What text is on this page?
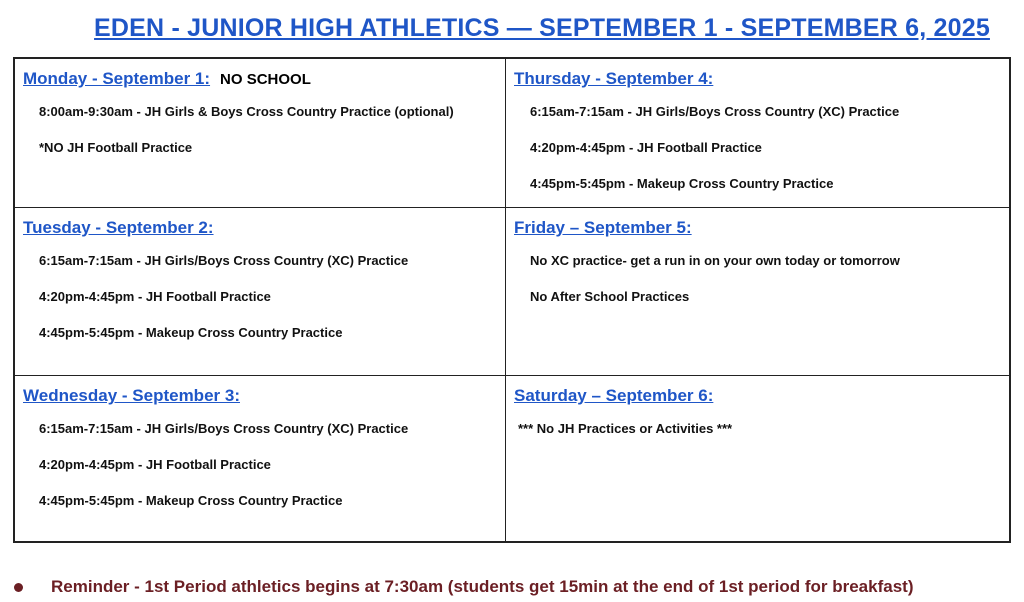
EDEN - JUNIOR HIGH ATHLETICS — SEPTEMBER 1 - SEPTEMBER 6, 2025
Monday - September 1: NO SCHOOL
8:00am-9:30am - JH Girls & Boys Cross Country Practice (optional)
*NO JH Football Practice
Thursday - September 4:
6:15am-7:15am - JH Girls/Boys Cross Country (XC) Practice
4:20pm-4:45pm - JH Football Practice
4:45pm-5:45pm - Makeup Cross Country Practice
Tuesday - September 2:
6:15am-7:15am - JH Girls/Boys Cross Country (XC) Practice
4:20pm-4:45pm - JH Football Practice
4:45pm-5:45pm - Makeup Cross Country Practice
Friday – September 5:
No XC practice- get a run in on your own today or tomorrow
No After School Practices
Wednesday - September 3:
6:15am-7:15am - JH Girls/Boys Cross Country (XC) Practice
4:20pm-4:45pm - JH Football Practice
4:45pm-5:45pm - Makeup Cross Country Practice
Saturday – September 6:
*** No JH Practices or Activities ***
Reminder - 1st Period athletics begins at 7:30am (students get 15min at the end of 1st period for breakfast)
